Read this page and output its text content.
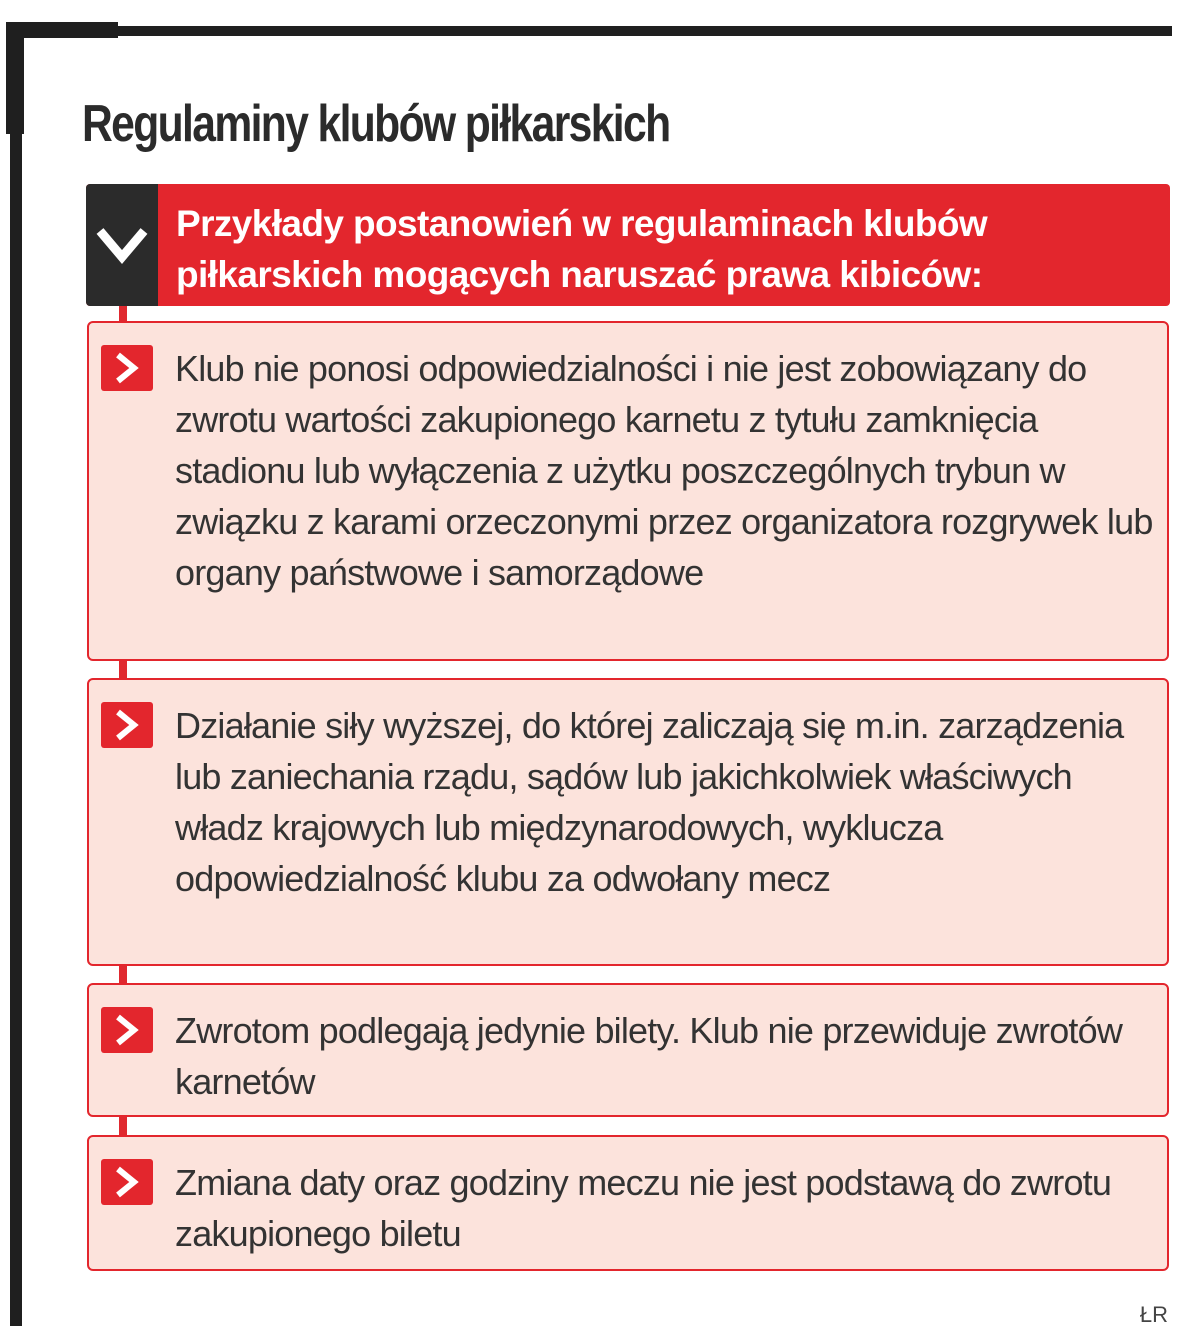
Regulaminy klubów piłkarskich
Przykłady postanowień w regulaminach klubów piłkarskich mogących naruszać prawa kibiców:
Klub nie ponosi odpowiedzialności i nie jest zobowiązany do zwrotu wartości zakupionego karnetu z tytułu zamknięcia stadionu lub wyłączenia z użytku poszczególnych trybun w związku z karami orzeczonymi przez organizatora rozgrywek lub organy państwowe i samorządowe
Działanie siły wyższej, do której zaliczają się m.in. zarządzenia lub zaniechania rządu, sądów lub jakichkolwiek właściwych władz krajowych lub międzynarodowych, wyklucza odpowiedzialność klubu za odwołany mecz
Zwrotom podlegają jedynie bilety. Klub nie przewiduje zwrotów karnetów
Zmiana daty oraz godziny meczu nie jest podstawą do zwrotu zakupionego biletu
ŁR
